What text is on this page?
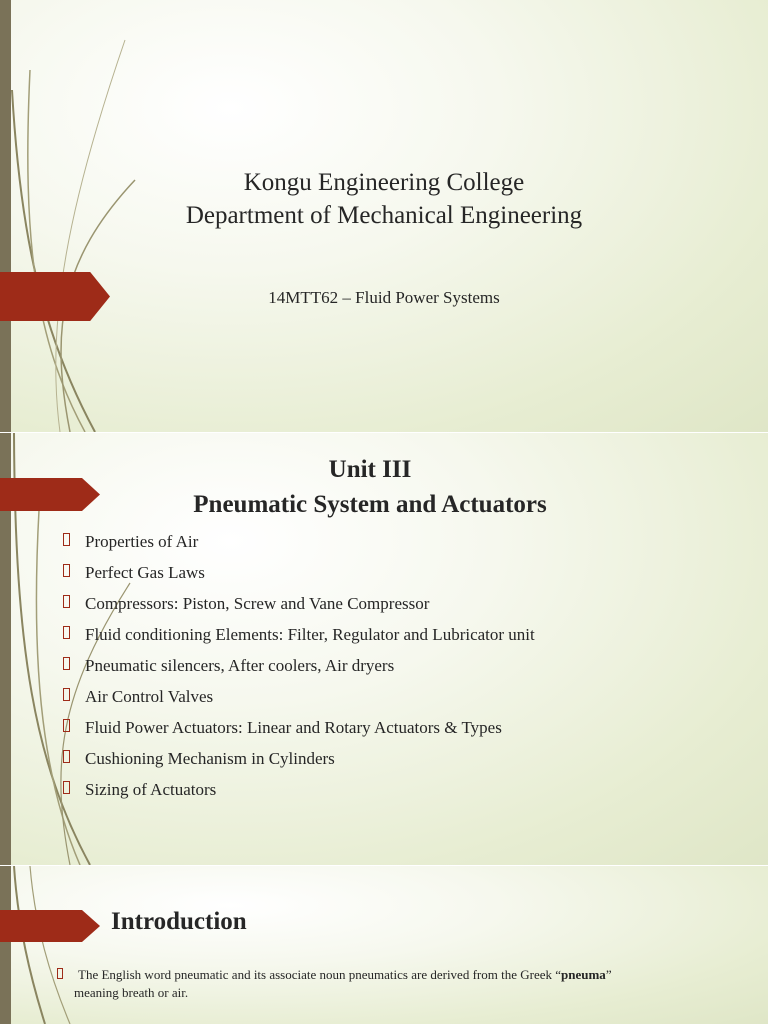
Kongu Engineering College
Department of Mechanical Engineering
14MTT62 – Fluid Power Systems
Unit III
Pneumatic System and Actuators
Properties of Air
Perfect Gas Laws
Compressors: Piston, Screw and Vane Compressor
Fluid conditioning Elements: Filter, Regulator and Lubricator unit
Pneumatic silencers, After coolers, Air dryers
Air Control Valves
Fluid Power Actuators: Linear and Rotary Actuators & Types
Cushioning Mechanism in Cylinders
Sizing of Actuators
Introduction
The English word pneumatic and its associate noun pneumatics are derived from the Greek “pneuma”
meaning breath or air.
